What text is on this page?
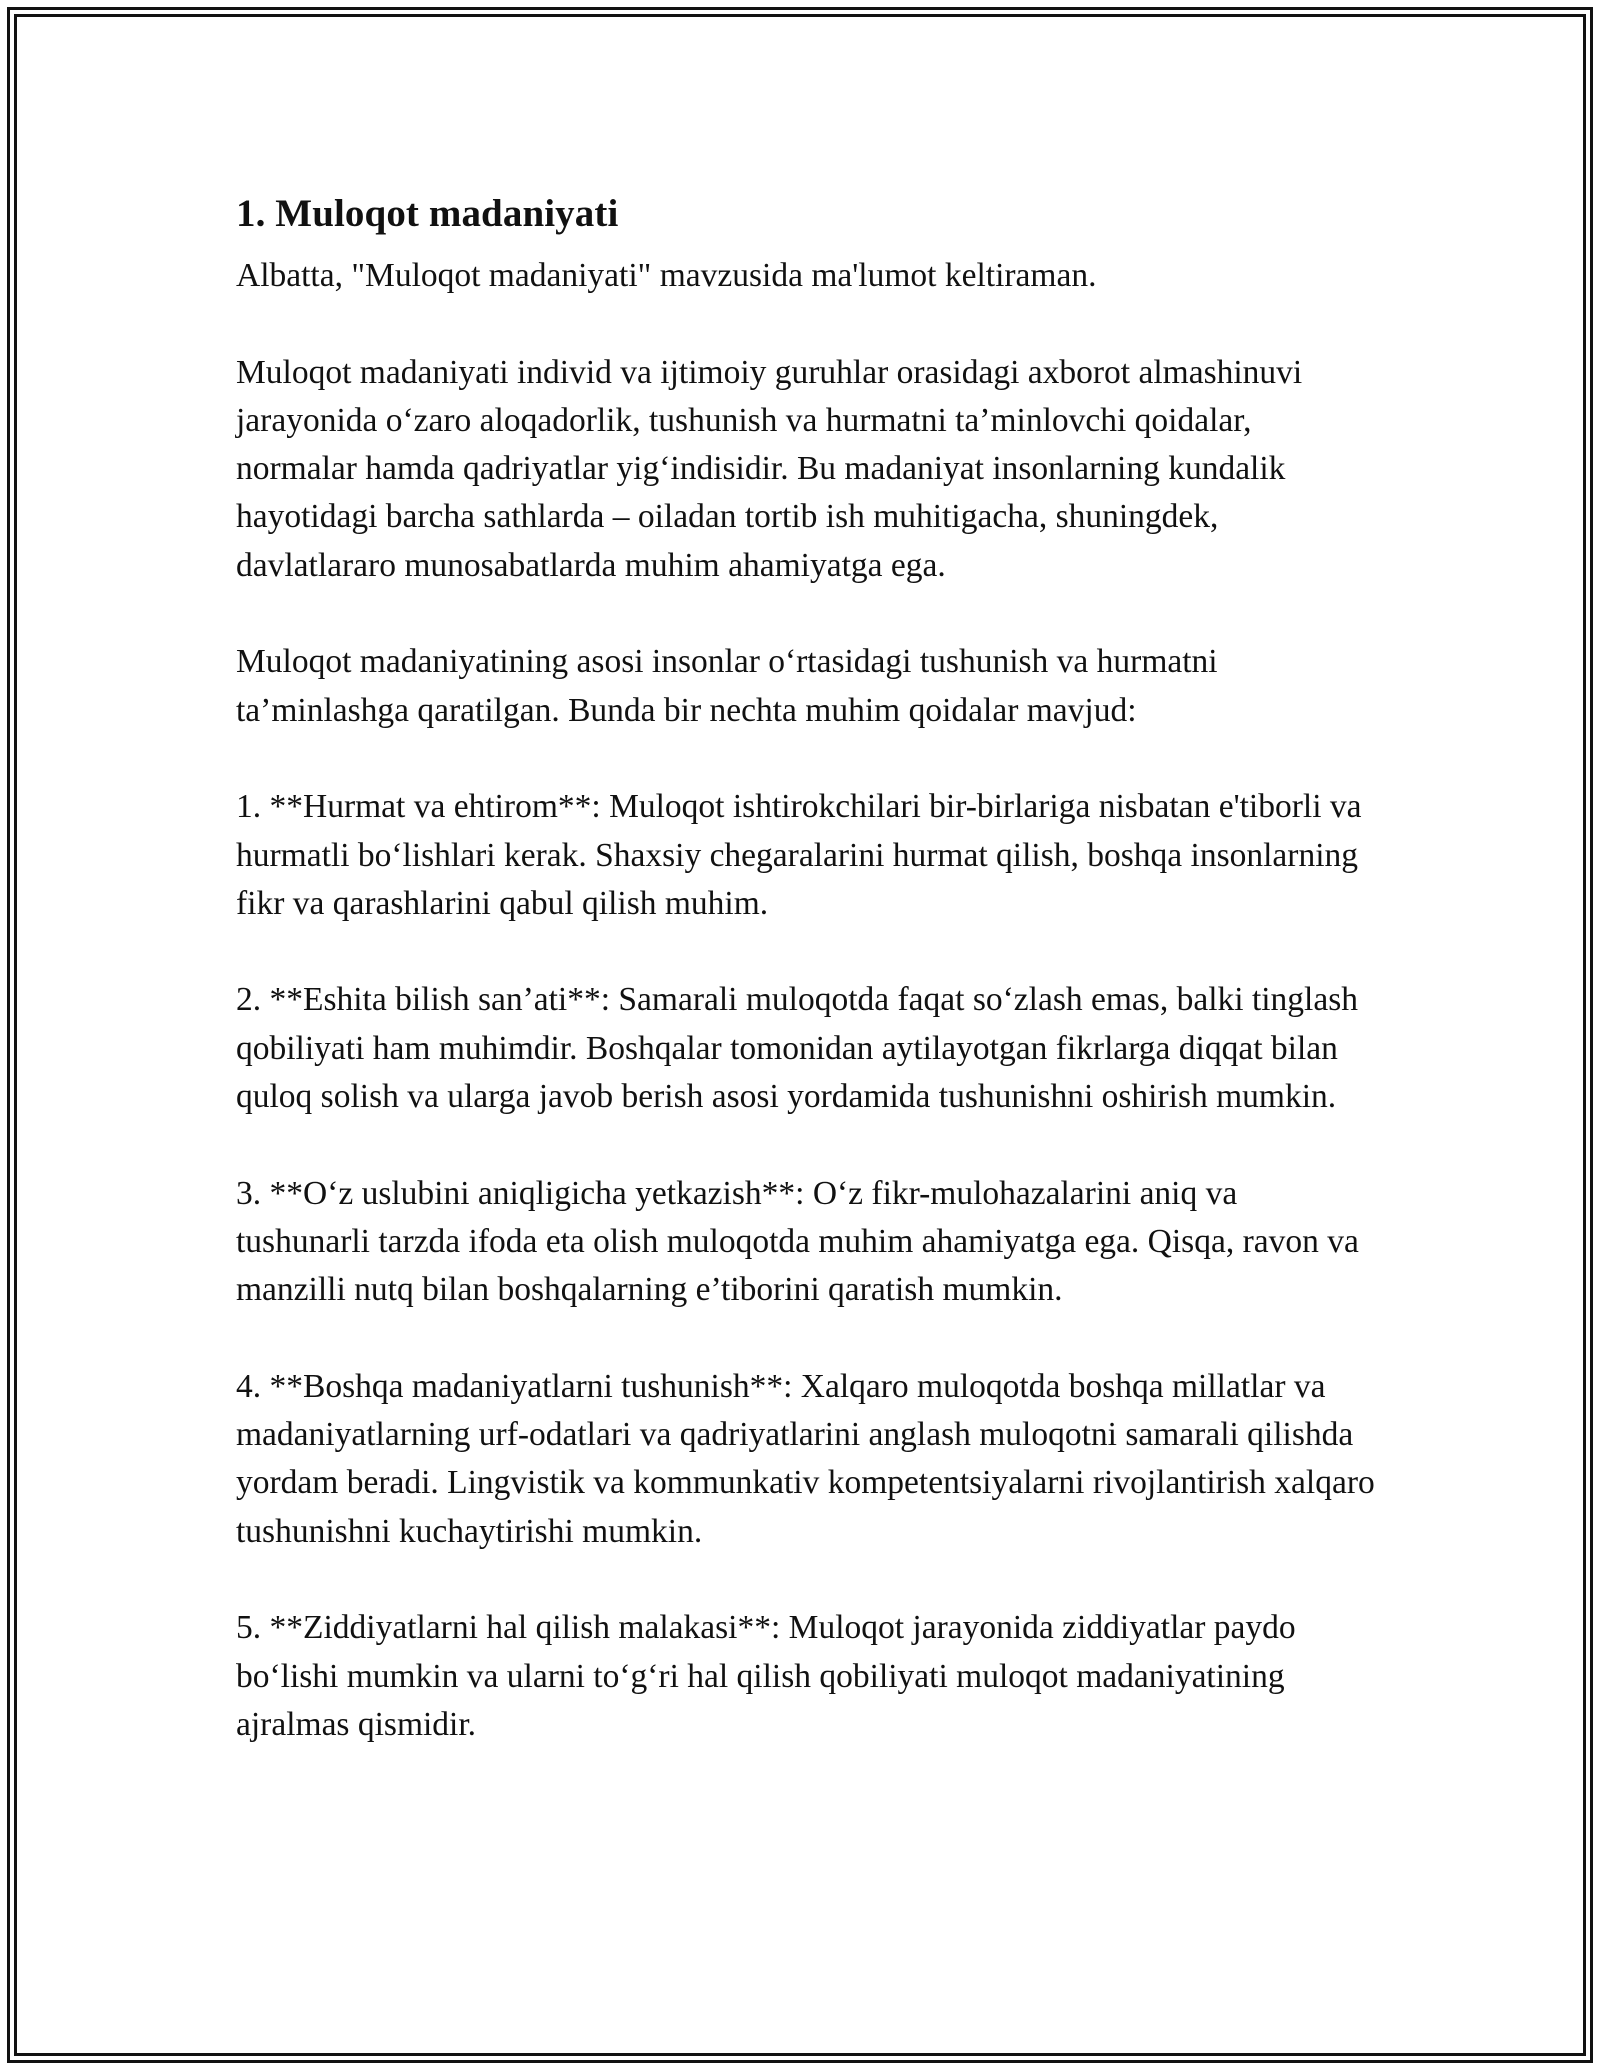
1. Muloqot madaniyati

Albatta, "Muloqot madaniyati" mavzusida ma'lumot keltiraman.

Muloqot madaniyati individ va ijtimoiy guruhlar orasidagi axborot almashinuvi jarayonida o‘zaro aloqadorlik, tushunish va hurmatni ta’minlovchi qoidalar, normalar hamda qadriyatlar yig‘indisidir. Bu madaniyat insonlarning kundalik hayotidagi barcha sathlarda – oiladan tortib ish muhitigacha, shuningdek, davlatlararo munosabatlarda muhim ahamiyatga ega.

Muloqot madaniyatining asosi insonlar o‘rtasidagi tushunish va hurmatni ta’minlashga qaratilgan. Bunda bir nechta muhim qoidalar mavjud:

1. **Hurmat va ehtirom**: Muloqot ishtirokchilari bir-birlariga nisbatan e'tiborli va hurmatli bo‘lishlari kerak. Shaxsiy chegaralarini hurmat qilish, boshqa insonlarning fikr va qarashlarini qabul qilish muhim.

2. **Eshita bilish san’ati**: Samarali muloqotda faqat so‘zlash emas, balki tinglash qobiliyati ham muhimdir. Boshqalar tomonidan aytilayotgan fikrlarga diqqat bilan quloq solish va ularga javob berish asosi yordamida tushunishni oshirish mumkin.

3. **O‘z uslubini aniqligicha yetkazish**: O‘z fikr-mulohazalarini aniq va tushunarli tarzda ifoda eta olish muloqotda muhim ahamiyatga ega. Qisqa, ravon va manzilli nutq bilan boshqalarning e’tiborini qaratish mumkin.

4. **Boshqa madaniyatlarni tushunish**: Xalqaro muloqotda boshqa millatlar va madaniyatlarning urf-odatlari va qadriyatlarini anglash muloqotni samarali qilishda yordam beradi. Lingvistik va kommunkativ kompetentsiyalarni rivojlantirish xalqaro tushunishni kuchaytirishi mumkin.

5. **Ziddiyatlarni hal qilish malakasi**: Muloqot jarayonida ziddiyatlar paydo bo‘lishi mumkin va ularni to‘g‘ri hal qilish qobiliyati muloqot madaniyatining ajralmas qismidir.
